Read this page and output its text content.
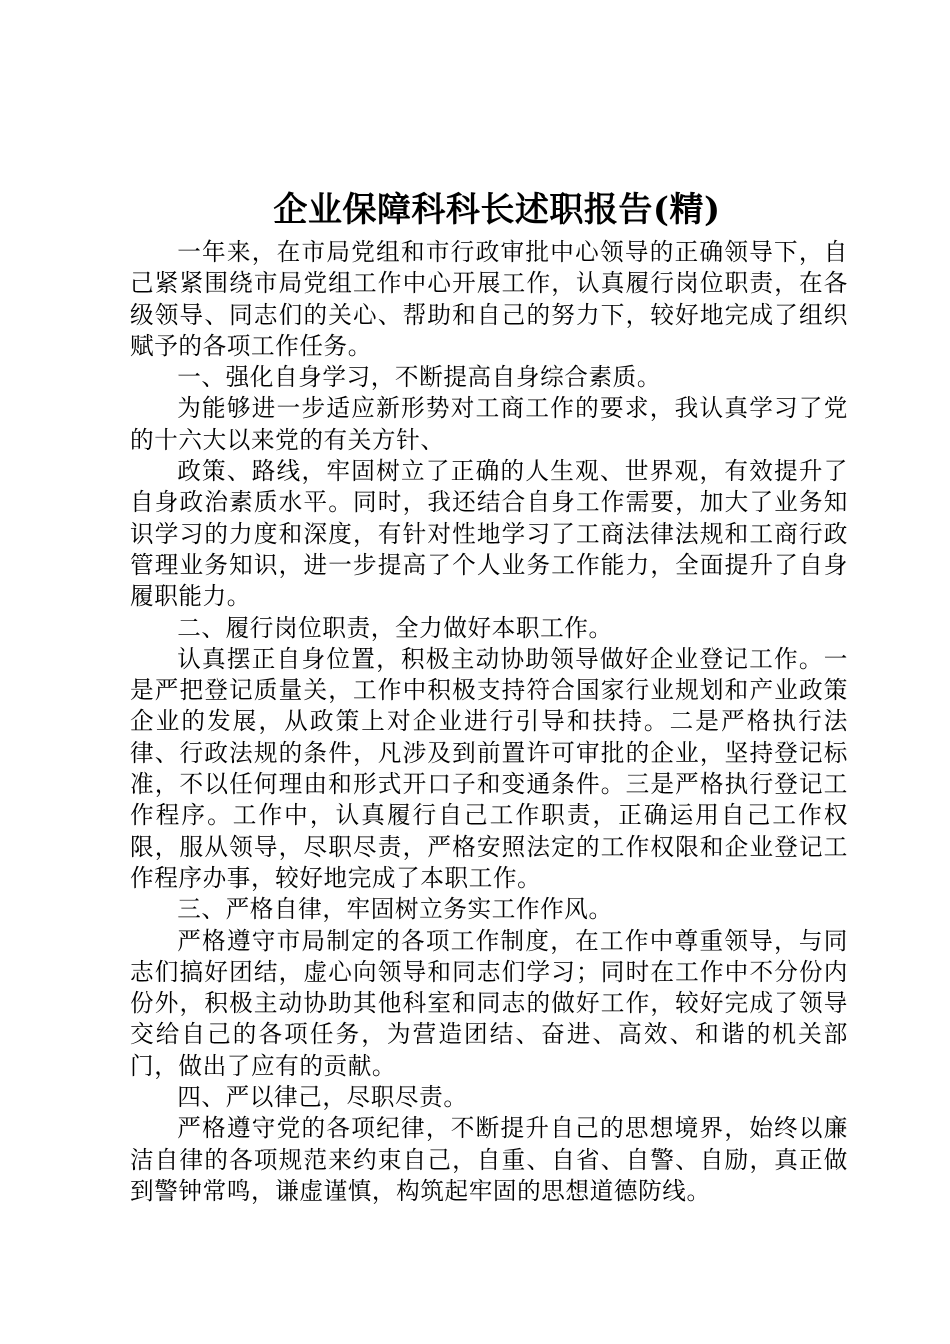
企业保障科科长述职报告(精)

一年来，在市局党组和市行政审批中心领导的正确领导下，自己紧紧围绕市局党组工作中心开展工作，认真履行岗位职责，在各级领导、同志们的关心、帮助和自己的努力下，较好地完成了组织赋予的各项工作任务。

一、强化自身学习，不断提高自身综合素质。

为能够进一步适应新形势对工商工作的要求，我认真学习了党的十六大以来党的有关方针、

政策、路线，牢固树立了正确的人生观、世界观，有效提升了自身政治素质水平。同时，我还结合自身工作需要，加大了业务知识学习的力度和深度，有针对性地学习了工商法律法规和工商行政管理业务知识，进一步提高了个人业务工作能力，全面提升了自身履职能力。

二、履行岗位职责，全力做好本职工作。

认真摆正自身位置，积极主动协助领导做好企业登记工作。一是严把登记质量关，工作中积极支持符合国家行业规划和产业政策企业的发展，从政策上对企业进行引导和扶持。二是严格执行法律、行政法规的条件，凡涉及到前置许可审批的企业，坚持登记标准，不以任何理由和形式开口子和变通条件。三是严格执行登记工作程序。工作中，认真履行自己工作职责，正确运用自己工作权限，服从领导，尽职尽责，严格安照法定的工作权限和企业登记工作程序办事，较好地完成了本职工作。

三、严格自律，牢固树立务实工作作风。

严格遵守市局制定的各项工作制度，在工作中尊重领导，与同志们搞好团结，虚心向领导和同志们学习；同时在工作中不分份内份外，积极主动协助其他科室和同志的做好工作，较好完成了领导交给自己的各项任务，为营造团结、奋进、高效、和谐的机关部门，做出了应有的贡献。

四、严以律己，尽职尽责。

严格遵守党的各项纪律，不断提升自己的思想境界，始终以廉洁自律的各项规范来约束自己，自重、自省、自警、自励，真正做到警钟常鸣，谦虚谨慎，构筑起牢固的思想道德防线。
